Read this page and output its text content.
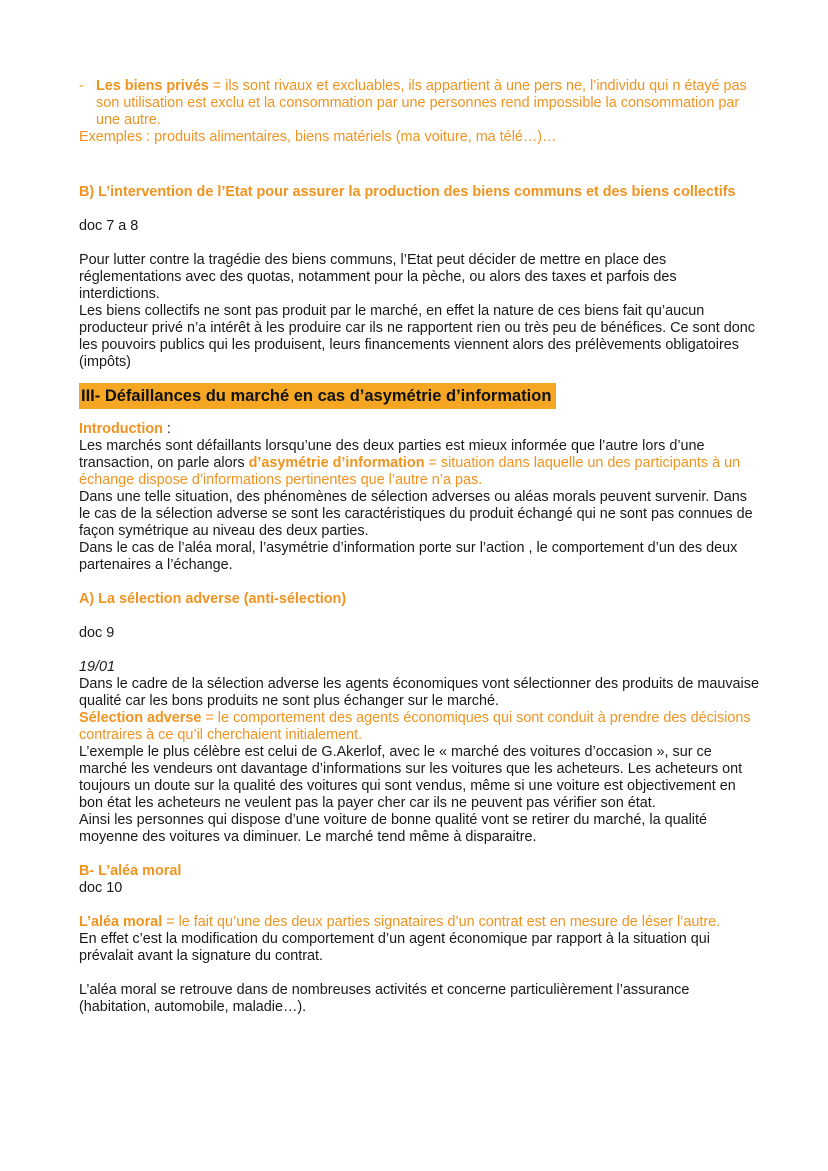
- Les biens privés = ils sont rivaux et excluables, ils appartient à une pers ne, l’individu qui n étayé pas son utilisation est exclu et la consommation par une personnes rend impossible la consommation par une autre.

Exemples : produits alimentaires, biens matériels (ma voiture, ma télé…)…

B) L’intervention de l’Etat pour assurer la production des biens communs et des biens collectifs

doc 7 a 8

Pour lutter contre la tragédie des biens communs, l’Etat peut décider de mettre en place des réglementations avec des quotas, notamment pour la pèche, ou alors des taxes et parfois des interdictions.

Les biens collectifs ne sont pas produit par le marché, en effet la nature de ces biens fait qu’aucun producteur privé n’a intérêt à les produire car ils ne rapportent rien ou très peu de bénéfices. Ce sont donc les pouvoirs publics qui les produisent, leurs financements viennent alors des prélèvements obligatoires (impôts)

III- Défaillances du marché en cas d’asymétrie d’information

Introduction :

Les marchés sont défaillants lorsqu’une des deux parties est mieux informée que l’autre lors d’une transaction, on parle alors d’asymétrie d’information = situation dans laquelle un des participants à un échange dispose d’informations pertinentes que l’autre n’a pas.

Dans une telle situation, des phénomènes de sélection adverses ou aléas morals peuvent survenir. Dans le cas de la sélection adverse se sont les caractéristiques du produit échangé qui ne sont pas connues de façon symétrique au niveau des deux parties.

Dans le cas de l’aléa moral, l’asymétrie d’information porte sur l’action , le comportement d’un des deux partenaires a l’échange.

A) La sélection adverse (anti-sélection)

doc 9

19/01

Dans le cadre de la sélection adverse les agents économiques vont sélectionner des produits de mauvaise qualité car les bons produits ne sont plus échanger sur le marché.

Sélection adverse = le comportement des agents économiques qui sont conduit à prendre des décisions contraires à ce qu’il cherchaient initialement.

L’exemple le plus célèbre est celui de G.Akerlof, avec le « marché des voitures d’occasion », sur ce marché les vendeurs ont davantage d’informations sur les voitures que les acheteurs. Les acheteurs ont toujours un doute sur la qualité des voitures qui sont vendus, même si une voiture est objectivement en bon état les acheteurs ne veulent pas la payer cher car ils ne peuvent pas vérifier son état.

Ainsi les personnes qui dispose d’une voiture de bonne qualité vont se retirer du marché, la qualité moyenne des voitures va diminuer. Le marché tend même à disparaitre.

B- L’aléa moral

doc 10

L’aléa moral = le fait qu’une des deux parties signataires d’un contrat est en mesure de léser l’autre.

En effet c’est la modification du comportement d’un agent économique par rapport à la situation qui prévalait avant la signature du contrat.

L’aléa moral se retrouve dans de nombreuses activités et concerne particulièrement l’assurance (habitation, automobile, maladie…).
